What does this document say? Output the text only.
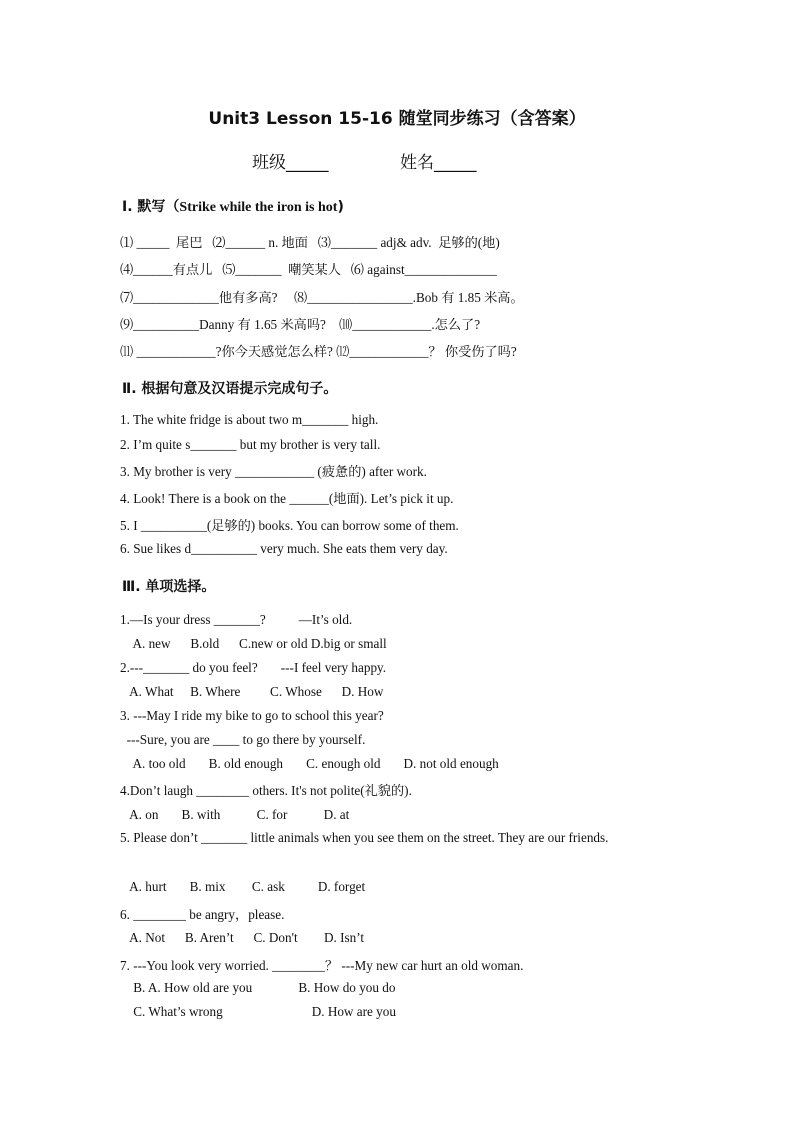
Unit3 Lesson 15-16 随堂同步练习（含答案）
班级_____	姓名_____
Ⅰ. 默写（Strike while the iron is hot)
⑴ _____  尾巴   ⑵______ n. 地面   ⑶_______ adj& adv.  足够的(地)
⑷______有点儿   ⑸_______  嘲笑某人   ⑹ against______________
⑺_____________他有多高?     ⑻________________.Bob 有 1.85 米高。
⑼__________Danny 有 1.65 米高吗?    ⑽____________.怎么了?
⑾ ____________?你今天感觉怎么样? ⑿____________？ 你受伤了吗?
Ⅱ. 根据句意及汉语提示完成句子。
1. The white fridge is about two m_______ high.
2. I’m quite s_______ but my brother is very tall.
3. My brother is very ____________ (疲惫的) after work.
4. Look! There is a book on the ______(地面). Let’s pick it up.
5. I __________(足够的) books. You can borrow some of them.
6. Sue likes d__________ very much. She eats them very day.
Ⅲ. 单项选择。
1.—Is your dress _______?          —It’s old.
A. new      B.old      C.new or old D.big or small
2.---_______ do you feel?       ---I feel very happy.
A. What     B. Where         C. Whose      D. How
3. ---May I ride my bike to go to school this year?
---Sure, you are ____ to go there by yourself.
A. too old       B. old enough       C. enough old       D. not old enough
4.Don’t laugh ________ others. It's not polite(礼貌的).
A. on       B. with           C. for           D. at
5. Please don’t _______ little animals when you see them on the street. They are our friends.
A. hurt       B. mix        C. ask          D. forget
6. ________ be angry，please.
A. Not      B. Aren’t      C. Don't        D. Isn’t
7. ---You look very worried. ________？ ---My new car hurt an old woman.
B. A. How old are you              B. How do you do
C. What’s wrong                           D. How are you
